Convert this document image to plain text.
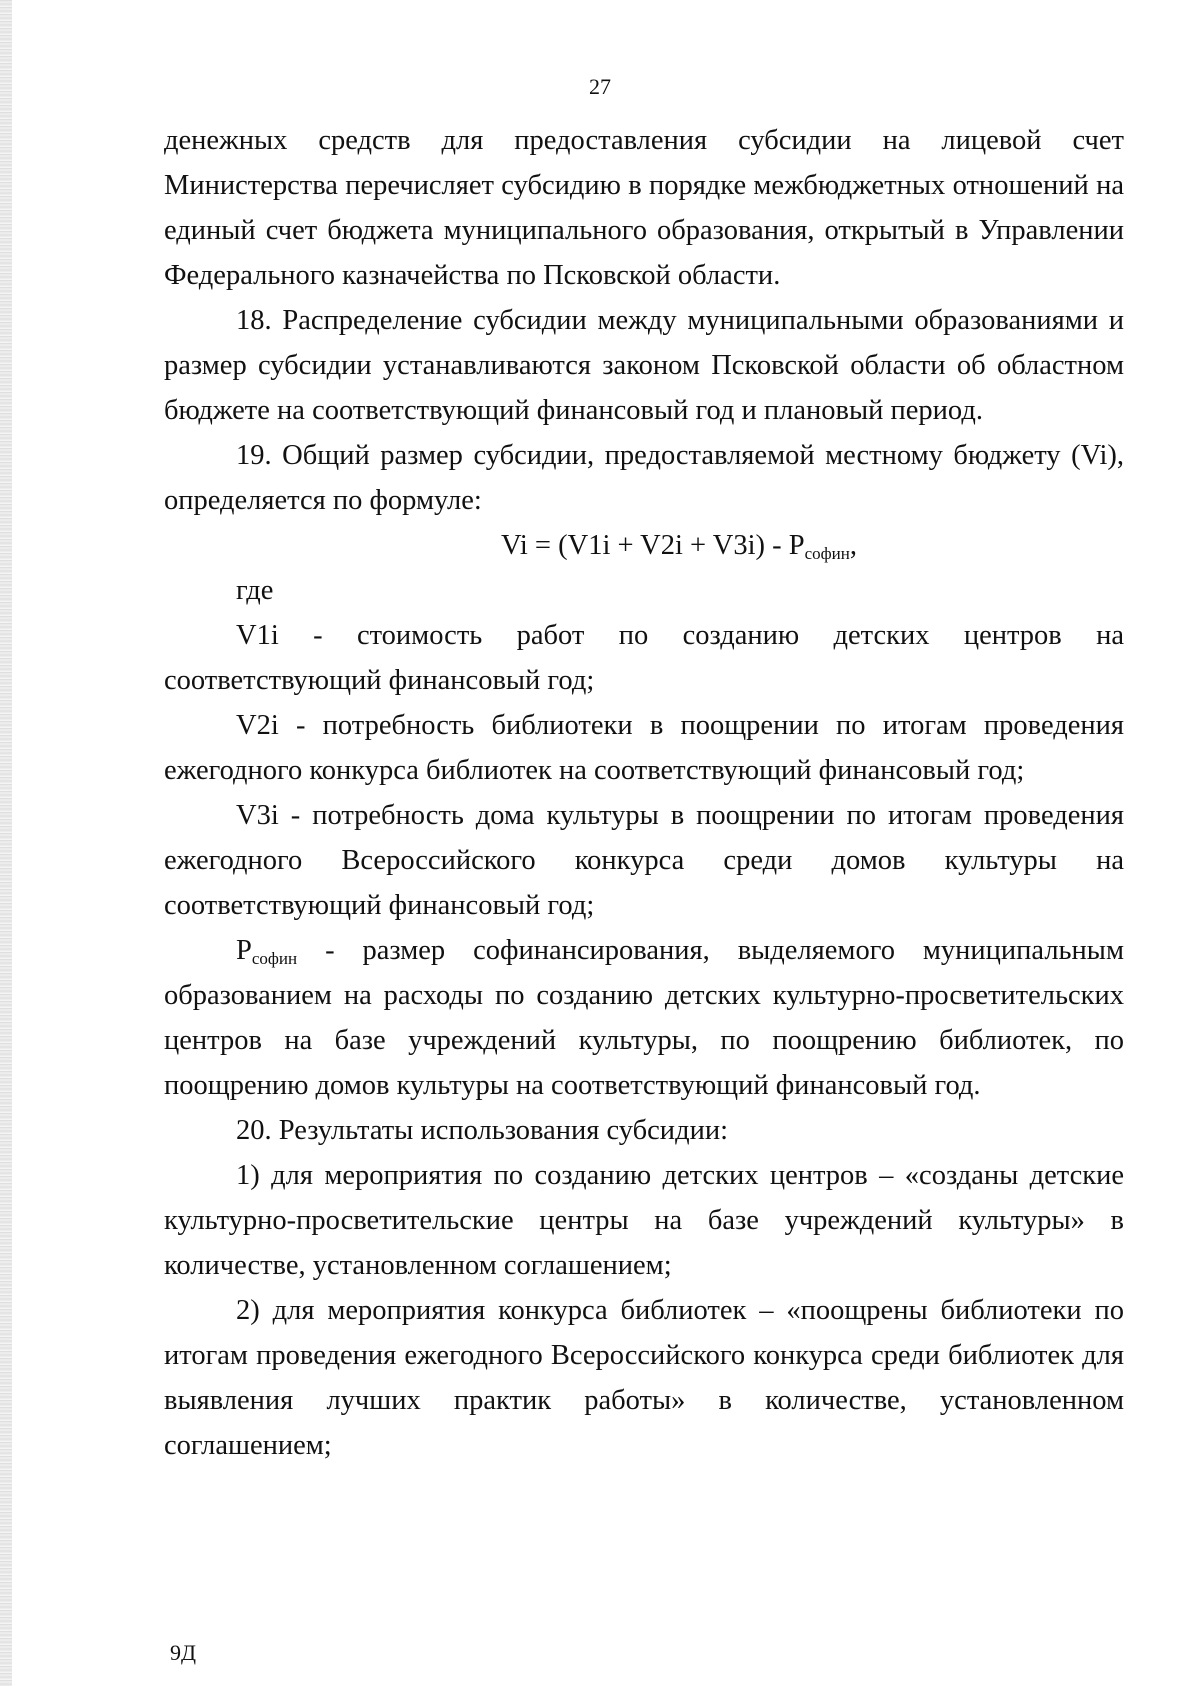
27

денежных средств для предоставления субсидии на лицевой счет Министерства перечисляет субсидию в порядке межбюджетных отношений на единый счет бюджета муниципального образования, открытый в Управлении Федерального казначейства по Псковской области.

18. Распределение субсидии между муниципальными образованиями и размер субсидии устанавливаются законом Псковской области об областном бюджете на соответствующий финансовый год и плановый период.

19. Общий размер субсидии, предоставляемой местному бюджету (Vi), определяется по формуле:

$Vi = (V1i + V2i + V3i) - P_{софин}$,

где

V1i - стоимость работ по созданию детских центров на соответствующий финансовый год;

V2i - потребность библиотеки в поощрении по итогам проведения ежегодного конкурса библиотек на соответствующий финансовый год;

V3i - потребность дома культуры в поощрении по итогам проведения ежегодного Всероссийского конкурса среди домов культуры на соответствующий финансовый год;

$P_{софин}$ - размер софинансирования, выделяемого муниципальным образованием на расходы по созданию детских культурно-просветительских центров на базе учреждений культуры, по поощрению библиотек, по поощрению домов культуры на соответствующий финансовый год.

20. Результаты использования субсидии:

1) для мероприятия по созданию детских центров – «созданы детские культурно-просветительские центры на базе учреждений культуры» в количестве, установленном соглашением;

2) для мероприятия конкурса библиотек – «поощрены библиотеки по итогам проведения ежегодного Всероссийского конкурса среди библиотек для выявления лучших практик работы» в количестве, установленном соглашением;

9Д
